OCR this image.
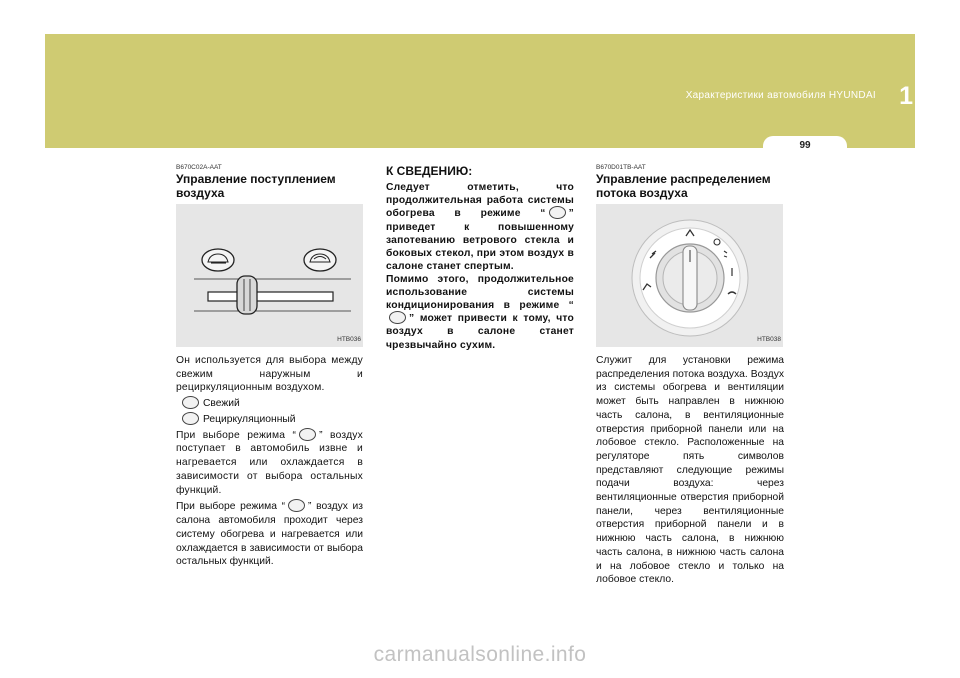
Характеристики автомобиля HYUNDAI 1
99
B670C02A-AAT
Управление поступлением воздуха
HTB036

Он используется для выбора между свежим наружным и рециркуляционным воздухом.

Свежий
Рециркуляционный

При выборе режима “ ” воздух поступает в автомобиль извне и нагревается или охлаждается в зависимости от выбора остальных функций.

При выборе режима “ ” воздух из салона автомобиля проходит через систему обогрева и нагревается или охлаждается в зависимости от выбора остальных функций.

К СВЕДЕНИЮ:

Следует отметить, что продолжительная работа системы обогрева в режиме “ ” приведет к повышенному запотеванию ветрового стекла и боковых стекол, при этом воздух в салоне станет спертым.

Помимо этого, продолжительное использование системы кондиционирования в режиме “” может привести к тому, что воздух в салоне станет чрезвычайно сухим.

B670D01TB-AAT
Управление распределением потока воздуха
HTB038

Служит для установки режима распределения потока воздуха. Воздух из системы обогрева и вентиляции может быть направлен в нижнюю часть салона, в вентиляционные отверстия приборной панели или на лобовое стекло. Расположенные на регуляторе пять символов представляют следующие режимы подачи воздуха: через вентиляционные отверстия приборной панели, через вентиляционные отверстия приборной панели и в нижнюю часть салона, в нижнюю часть салона, в нижнюю часть салона и на лобовое стекло и только на лобовое стекло.

carmanualsonline.info
